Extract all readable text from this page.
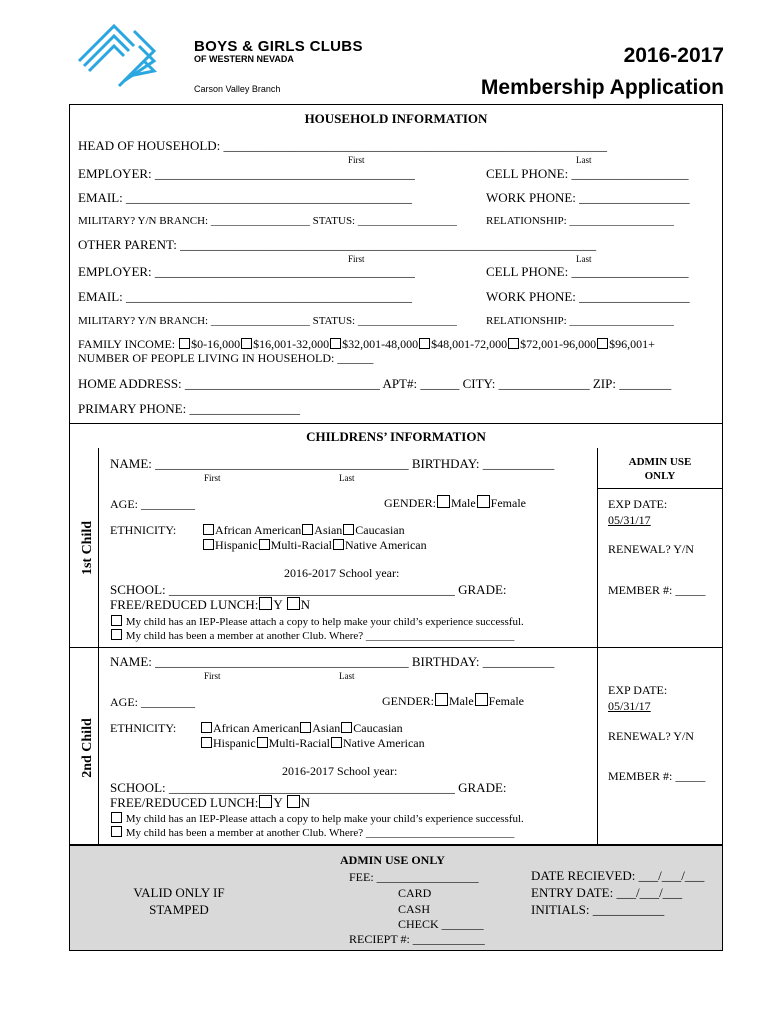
BOYS & GIRLS CLUBS
OF WESTERN NEVADA
Carson Valley Branch
2016-2017
Membership Application
HOUSEHOLD INFORMATION
HEAD OF HOUSEHOLD: ___________________________________________________________
First	Last
EMPLOYER: ________________________________________	CELL PHONE: __________________
EMAIL: ____________________________________________	WORK PHONE: _________________
MILITARY? Y/N BRANCH: __________________ STATUS: __________________	RELATIONSHIP: ___________________
OTHER PARENT: ________________________________________________________________
First	Last
EMPLOYER: ________________________________________	CELL PHONE: __________________
EMAIL: ____________________________________________	WORK PHONE: _________________
MILITARY? Y/N BRANCH: __________________ STATUS: __________________	RELATIONSHIP: ___________________
FAMILY INCOME: $0-16,000 $16,001-32,000 $32,001-48,000 $48,001-72,000 $72,001-96,000 $96,001+
NUMBER OF PEOPLE LIVING IN HOUSEHOLD: ______
HOME ADDRESS: ______________________________ APT#: ______ CITY: ______________ ZIP: ________
PRIMARY PHONE: _________________
CHILDRENS’ INFORMATION
1st Child
NAME: _______________________________________ BIRTHDAY: ___________
First	Last
AGE: _________	GENDER: Male Female
ETHNICITY:	African American Asian Caucasian
Hispanic Multi-Racial Native American
2016-2017 School year:
SCHOOL: ____________________________________________ GRADE:
FREE/REDUCED LUNCH: Y N
My child has an IEP-Please attach a copy to help make your child’s experience successful.
My child has been a member at another Club. Where? ___________________________
ADMIN USE
ONLY
EXP DATE:
05/31/17
RENEWAL? Y/N
MEMBER #: _____
2nd Child
NAME: _______________________________________ BIRTHDAY: ___________
First	Last
AGE: _________	GENDER: Male Female
ETHNICITY:	African American Asian Caucasian
Hispanic Multi-Racial Native American
2016-2017 School year:
SCHOOL: ____________________________________________ GRADE:
FREE/REDUCED LUNCH: Y N
My child has an IEP-Please attach a copy to help make your child’s experience successful.
My child has been a member at another Club. Where? ___________________________
EXP DATE:
05/31/17
RENEWAL? Y/N
MEMBER #: _____
ADMIN USE ONLY
FEE: _________________
VALID ONLY IF
STAMPED
CARD
CASH
CHECK _______
RECIEPT #: ____________
DATE RECIEVED: ___/___/___
ENTRY DATE: ___/___/___
INITIALS: ___________
